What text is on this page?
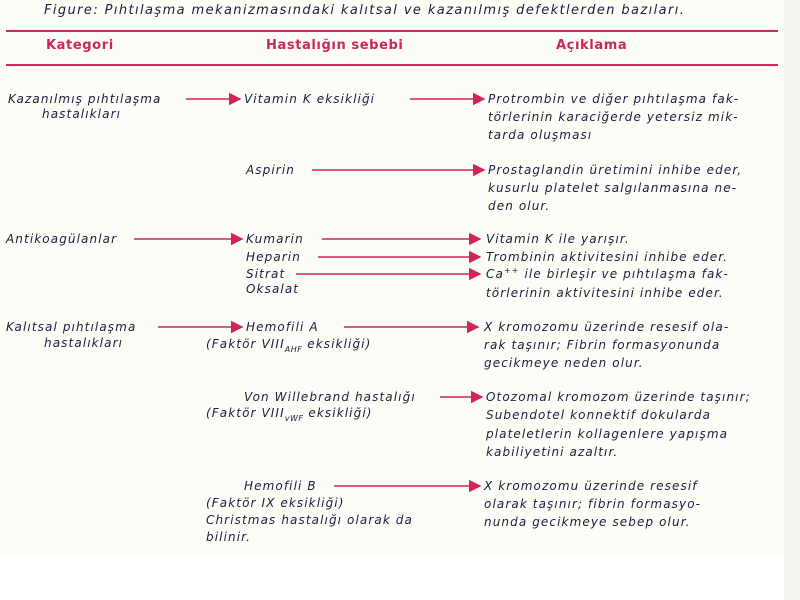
Figure: Pıhtılaşma mekanizmasındaki kalıtsal ve kazanılmış defektlerden bazıları.
Kategori	Hastalığın sebebi	Açıklama
Kazanılmış pıhtılaşma
hastalıkları
Antikoagülanlar
Kalıtsal pıhtılaşma
hastalıkları
Vitamin K eksikliği
Aspirin
Kumarin
Heparin
Sitrat
Oksalat
Hemofili A
(Faktör $VIII_{AHF}$ eksikliği)
Von Willebrand hastalığı
(Faktör $VIII_{vWF}$ eksikliği)
Hemofili B
(Faktör IX eksikliği)
Christmas hastalığı olarak da
bilinir.
Protrombin ve diğer pıhtılaşma fak-
törlerinin karaciğerde yetersiz mik-
tarda oluşması
Prostaglandin üretimini inhibe eder,
kusurlu platelet salgılanmasına ne-
den olur.
Vitamin K ile yarışır.
Trombinin aktivitesini inhibe eder.
Ca++ ile birleşir ve pıhtılaşma fak-
törlerinin aktivitesini inhibe eder.
X kromozomu üzerinde resesif ola-
rak taşınır; Fibrin formasyonunda
gecikmeye neden olur.
Otozomal kromozom üzerinde taşınır;
Subendotel konnektif dokularda
plateletlerin kollagenlere yapışma
kabiliyetini azaltır.
X kromozomu üzerinde resesif
olarak taşınır; fibrin formasyo-
nunda gecikmeye sebep olur.
